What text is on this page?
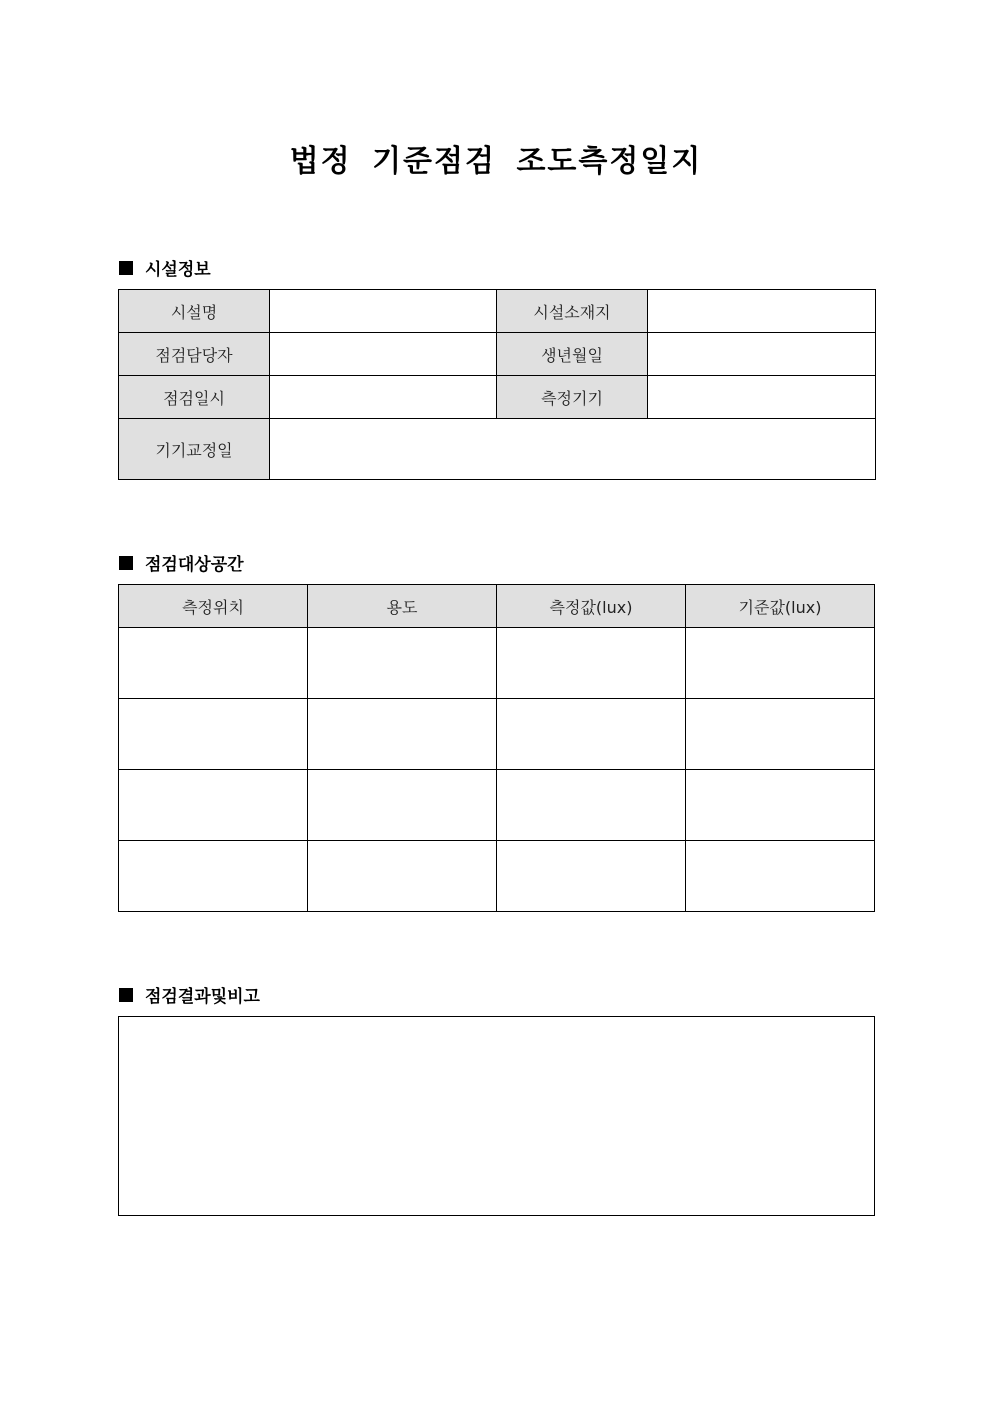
법정 기준점검 조도측정일지
시설정보
시설명		시설소재지	
점검담당자		생년월일	
점검일시		측정기기	
기기교정일			
점검대상공간
측정위치	용도	측정값(lux)	기준값(lux)

점검결과및비고
